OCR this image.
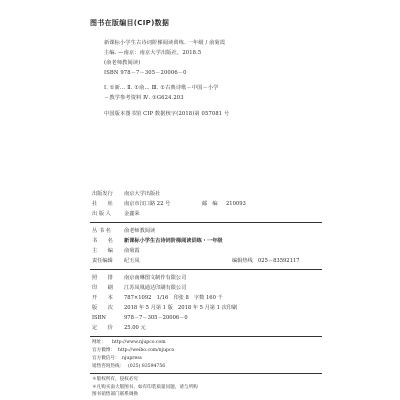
图书在版编目(CIP)数据
新课标小学生古诗词阶梯阅读训练. 一年级 / 俞菊霞
主编. —南京：南京大学出版社，2018.5
(俞老师教阅读)
ISBN 978－7－305－20006－0
Ⅰ. ①新… Ⅱ. ①俞… Ⅲ. ①古典诗歌－中国－小学
－教学参考资料 Ⅳ. ①G624.203
中国版本图书馆 CIP 数据核字(2018)第 057081 号
出版发行 南京大学出版社
社　　址 南京市汉口路 22 号	邮　编 210093
出 版 人	金鑫荣
丛 书 名	俞老师教阅读
书　　名 新课标小学生古诗词阶梯阅读训练・一年级
主　　编 俞菊霞
责任编辑 纪玉凤	编辑热线 025－83592117
照　　排 南京南琳图文制作有限公司
印　　刷 江苏凤凰通达印刷有限公司
开　　本 787×1092　1/16　印张 8　字数 160 千
版　　次 2018 年 5 月第 1 版　2018 年 5 月第 1 次印刷
ISBN	978－7－305－20006－0
定　　价 25.00 元
网址： http://www.njupco.com
官方微博： http://weibo.com/njupco
官方微信号： njupress
销售咨询热线： (025) 83594756
＊版权所有，侵权必究
＊凡购买南大版图书，如有印装质量问题，请与所购
图书销售部门联系调换
